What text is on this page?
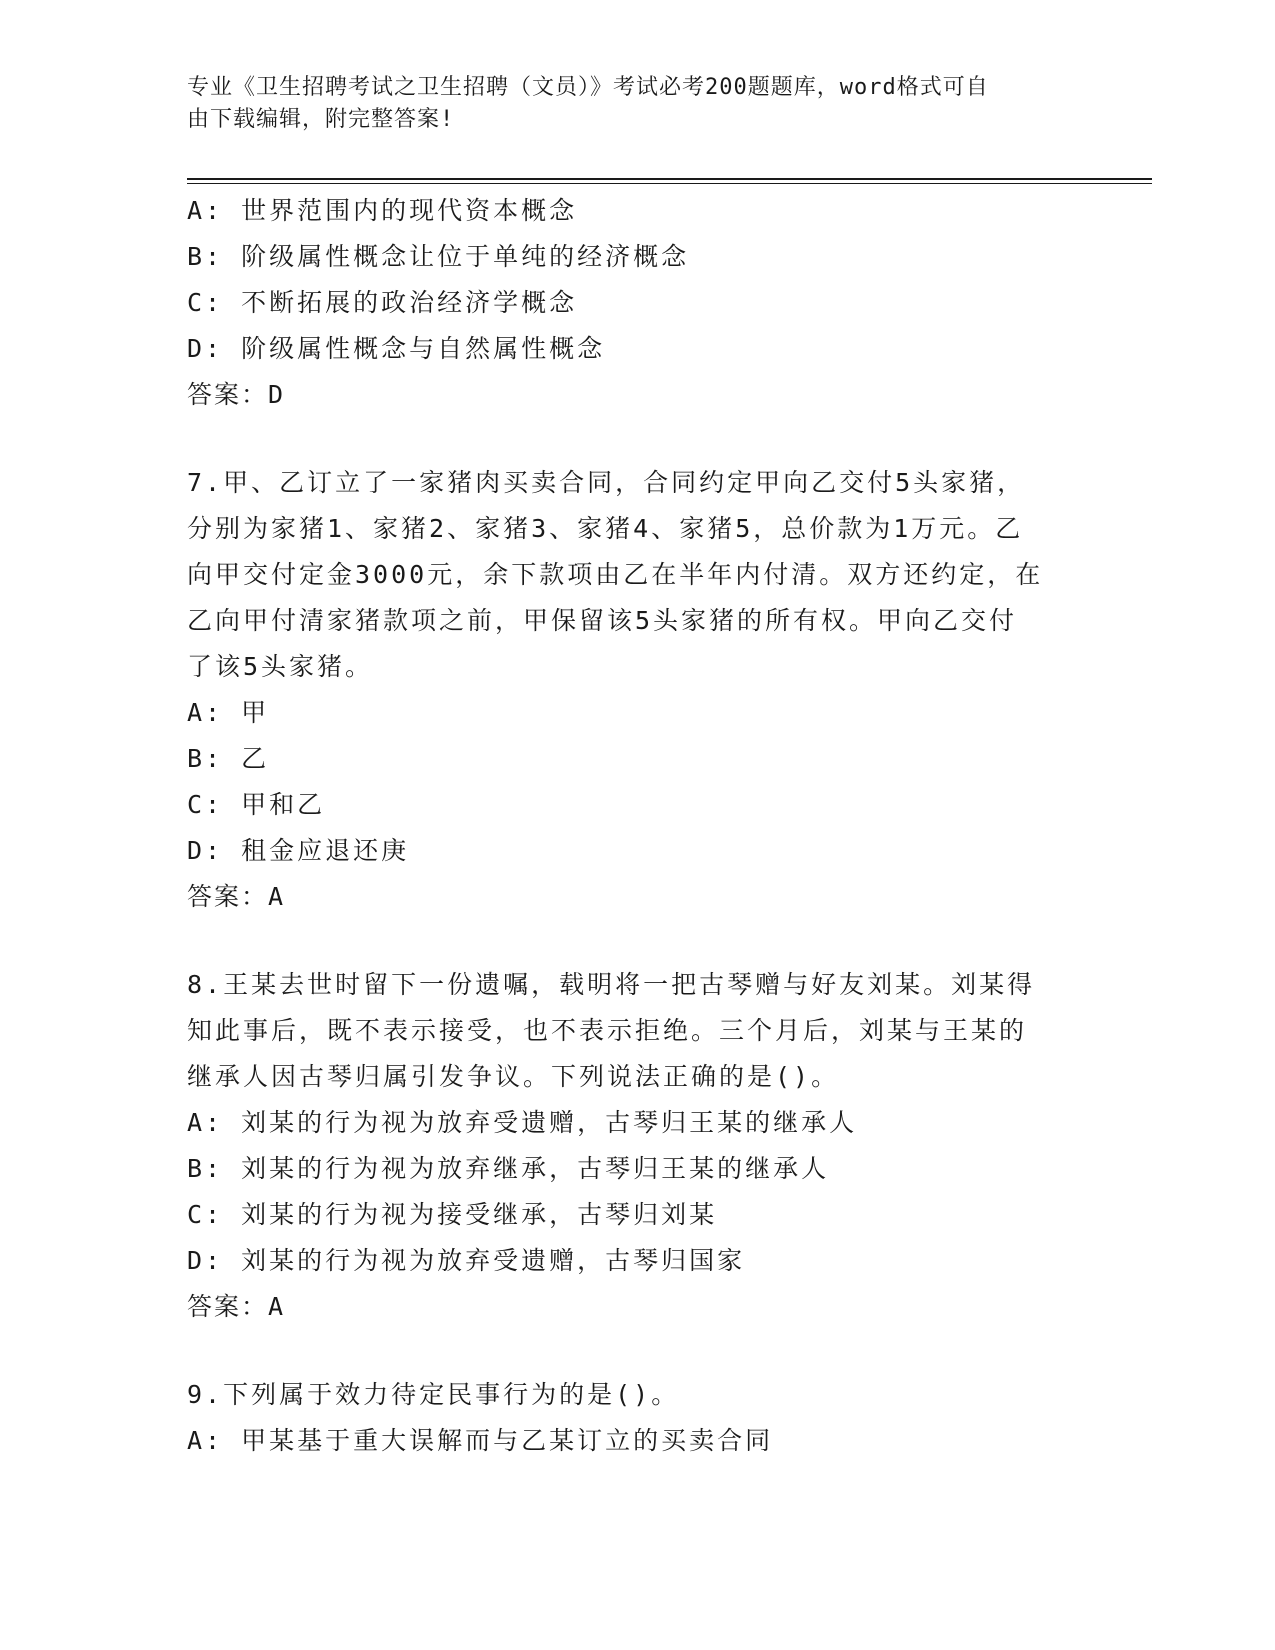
专业《卫生招聘考试之卫生招聘（文员）》考试必考200题题库，word格式可自
由下载编辑，附完整答案!
A: 世界范围内的现代资本概念
B: 阶级属性概念让位于单纯的经济概念
C: 不断拓展的政治经济学概念
D: 阶级属性概念与自然属性概念
答案：D
7.甲、乙订立了一家猪肉买卖合同，合同约定甲向乙交付5头家猪，
分别为家猪1、家猪2、家猪3、家猪4、家猪5，总价款为1万元。乙
向甲交付定金3000元，余下款项由乙在半年内付清。双方还约定，在
乙向甲付清家猪款项之前，甲保留该5头家猪的所有权。甲向乙交付
了该5头家猪。
A: 甲
B: 乙
C: 甲和乙
D: 租金应退还庚
答案：A
8.王某去世时留下一份遗嘱，载明将一把古琴赠与好友刘某。刘某得
知此事后，既不表示接受，也不表示拒绝。三个月后，刘某与王某的
继承人因古琴归属引发争议。下列说法正确的是()。
A: 刘某的行为视为放弃受遗赠，古琴归王某的继承人
B: 刘某的行为视为放弃继承，古琴归王某的继承人
C: 刘某的行为视为接受继承，古琴归刘某
D: 刘某的行为视为放弃受遗赠，古琴归国家
答案：A
9.下列属于效力待定民事行为的是()。
A: 甲某基于重大误解而与乙某订立的买卖合同
